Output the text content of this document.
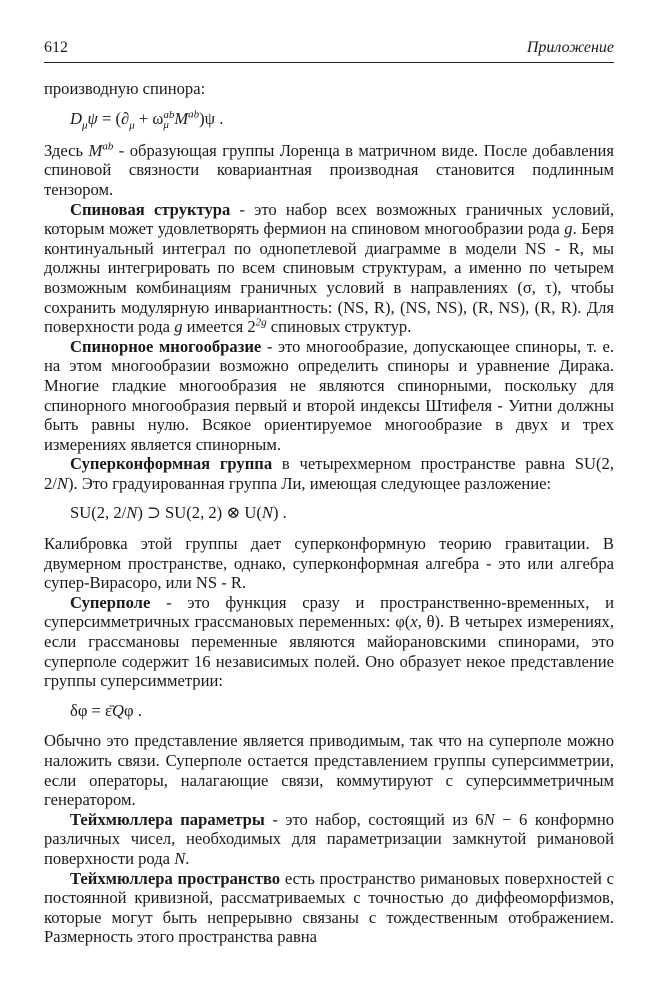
612	Приложение

производную спинора:

$D_\mu\psi = (\partial_\mu + \omega$ ab
μ $M^{ab})\psi$ .

Здесь $M^{ab}$ - образующая группы Лоренца в матричном виде. После добавления спиновой связности ковариантная производная становится подлинным тензором.

Спиновая структура - это набор всех возможных граничных условий, которым может удовлетворять фермион на спиновом многообразии рода g. Беря континуальный интеграл по однопетлевой диаграмме в модели NS - R, мы должны интегрировать по всем спиновым структурам, а именно по четырем возможным комбинациям граничных условий в направлениях (σ, τ), чтобы сохранить модулярную инвариантность: (NS, R), (NS, NS), (R, NS), (R, R). Для поверхности рода g имеется $2^{2g}$ спиновых структур.

Спинорное многообразие - это многообразие, допускающее спиноры, т. е. на этом многообразии возможно определить спиноры и уравнение Дирака. Многие гладкие многообразия не являются спинорными, поскольку для спинорного многообразия первый и второй индексы Штифеля - Уитни должны быть равны нулю. Всякое ориентируемое многообразие в двух и трех измерениях является спинорным.

Суперконформная группа в четырехмерном пространстве равна SU(2, 2/N). Это градуированная группа Ли, имеющая следующее разложение:

SU(2, 2/N) ⊃ SU(2, 2) ⊗ U(N) .

Калибровка этой группы дает суперконформную теорию гравитации. В двумерном пространстве, однако, суперконформная алгебра - это или алгебра супер-Вирасоро, или NS - R.

Суперполе - это функция сразу и пространственно-временных, и суперсимметричных грассмановых переменных: φ(x, θ). В четырех измерениях, если грассмановы переменные являются майорановскими спинорами, это суперполе содержит 16 независимых полей. Оно образует некое представление группы суперсимметрии:

δφ = ε̄Qφ .

Обычно это представление является приводимым, так что на суперполе можно наложить связи. Суперполе остается представлением группы суперсимметрии, если операторы, налагающие связи, коммутируют с суперсимметричным генератором.

Тейхмюллера параметры - это набор, состоящий из 6N − 6 конформно различных чисел, необходимых для параметризации замкнутой римановой поверхности рода N.

Тейхмюллера пространство есть пространство римановых поверхностей с постоянной кривизной, рассматриваемых с точностью до диффеоморфизмов, которые могут быть непрерывно связаны с тождественным отображением. Размерность этого пространства равна
